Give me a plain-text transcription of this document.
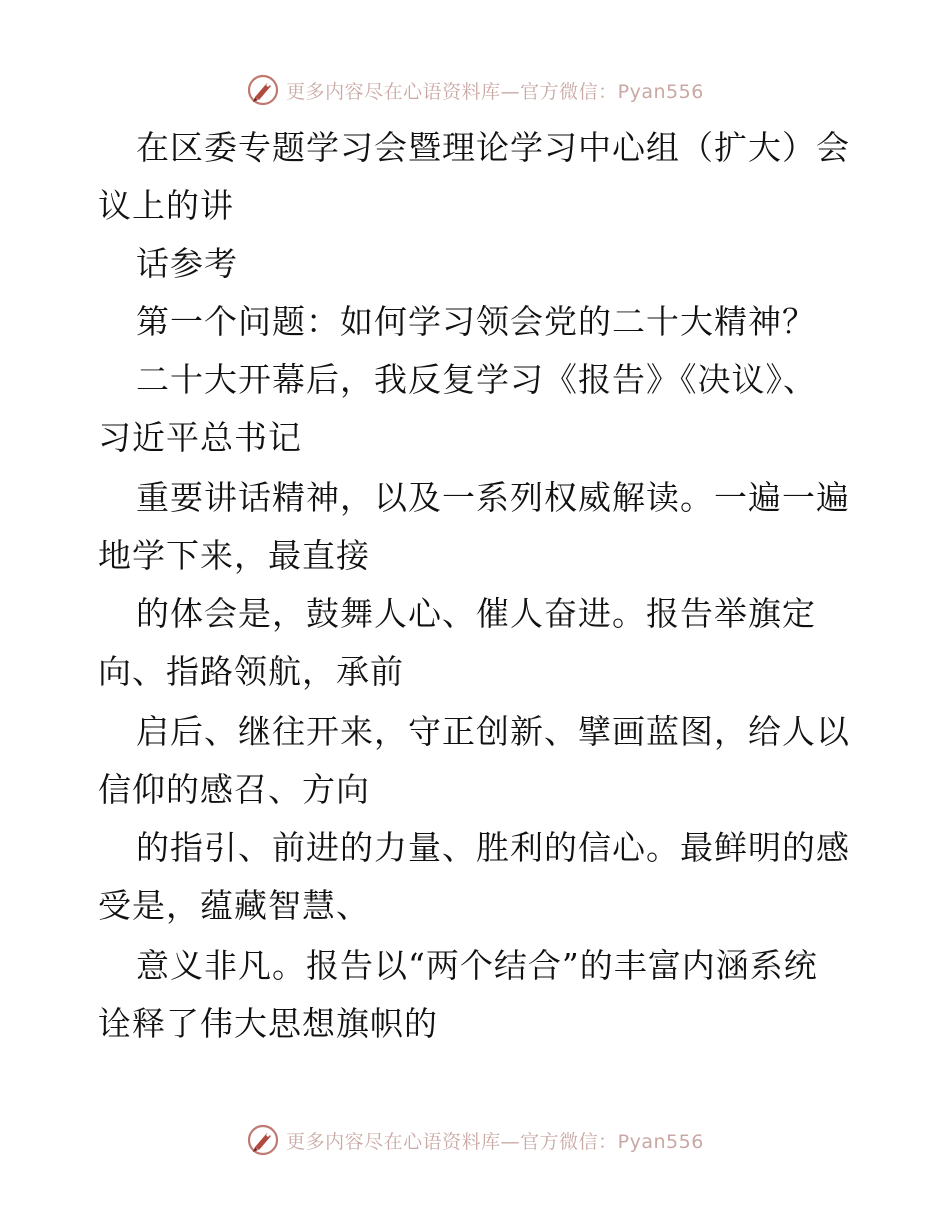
更多内容尽在心语资料库—官方微信：Pyan556
在区委专题学习会暨理论学习中心组（扩大）会
议上的讲
话参考
第一个问题：如何学习领会党的二十大精神？
二十大开幕后，我反复学习《报告》《决议》、
习近平总书记
重要讲话精神，以及一系列权威解读。一遍一遍
地学下来，最直接
的体会是，鼓舞人心、催人奋进。报告举旗定
向、指路领航，承前
启后、继往开来，守正创新、擘画蓝图，给人以
信仰的感召、方向
的指引、前进的力量、胜利的信心。最鲜明的感
受是，蕴藏智慧、
意义非凡。报告以“两个结合”的丰富内涵系统
诠释了伟大思想旗帜的
更多内容尽在心语资料库—官方微信：Pyan556
